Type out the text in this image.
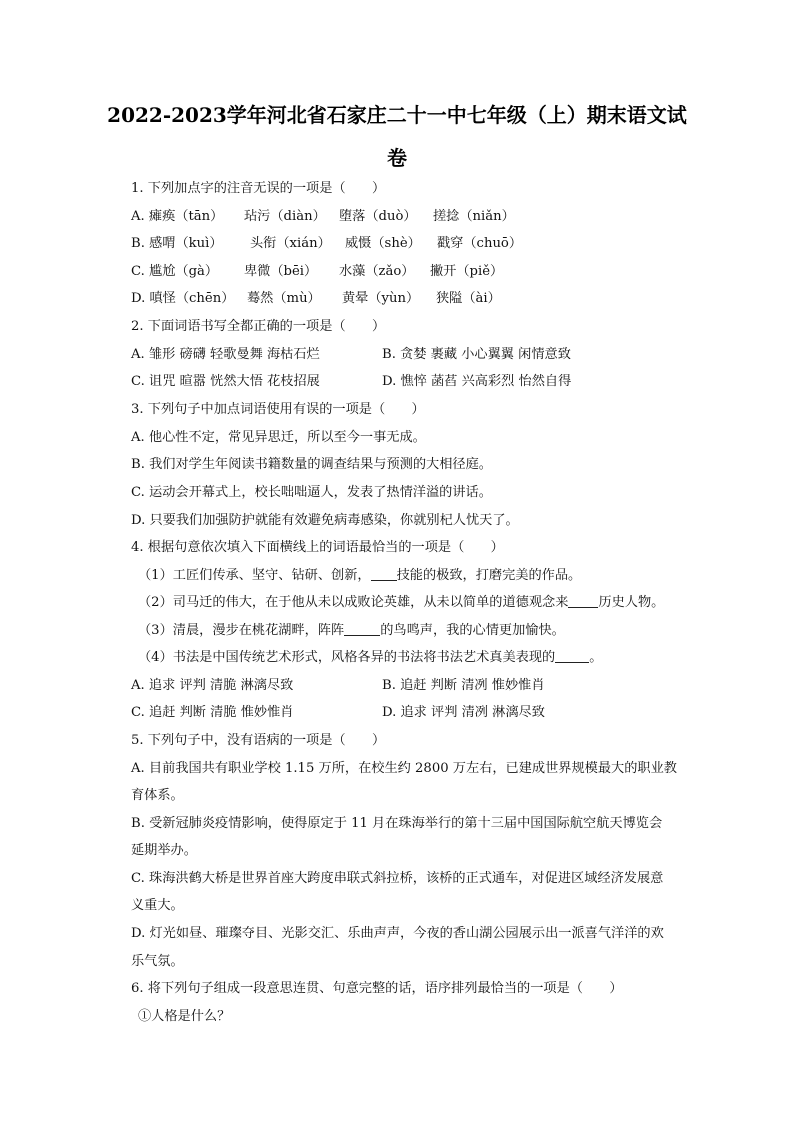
2022-2023学年河北省石家庄二十一中七年级（上）期末语文试
卷
1. 下列加点字的注音无误的一项是（　　）
A. 瘫痪（tān） 玷污（diàn） 堕落（duò） 搓捻（niǎn）
B. 感喟（kuì） 头衔（xián） 威慑（shè） 戳穿（chuō）
C. 尴尬（gà） 卑微（bēi） 水藻（zǎo） 撇开（piě）
D. 嗔怪（chēn） 蓦然（mù） 黄晕（yùn） 狭隘（ài）
2. 下面词语书写全都正确的一项是（　　）
A. 雏形 磅礴 轻歌曼舞 海枯石烂	B. 贪婪 裹藏 小心翼翼 闲情意致
C. 诅咒 暄嚣 恍然大悟 花枝招展	D. 憔悴 菡萏 兴高彩烈 怡然自得
3. 下列句子中加点词语使用有误的一项是（　　）
A. 他心性不定，常见异思迁，所以至今一事无成。
B. 我们对学生年阅读书籍数量的调查结果与预测的大相径庭。
C. 运动会开幕式上，校长咄咄逼人，发表了热情洋溢的讲话。
D. 只要我们加强防护就能有效避免病毒感染，你就别杞人忧天了。
4. 根据句意依次填入下面横线上的词语最恰当的一项是（　　）
（1）工匠们传承、坚守、钻研、创新， 技能的极致，打磨完美的作品。
（2）司马迁的伟大，在于他从未以成败论英雄，从未以简单的道德观念来 历史人物。
（3）清晨，漫步在桃花湖畔，阵阵	的鸟鸣声，我的心情更加愉快。
（4）书法是中国传统艺术形式，风格各异的书法将书法艺术真美表现的	。
A. 追求 评判 清脆 淋漓尽致	B. 追赶 判断 清冽 惟妙惟肖
C. 追赶 判断 清脆 惟妙惟肖	D. 追求 评判 清冽 淋漓尽致
5. 下列句子中，没有语病的一项是（　　）
A. 目前我国共有职业学校 1.15 万所，在校生约 2800 万左右，已建成世界规模最大的职业教
育体系。
B. 受新冠肺炎疫情影响，使得原定于 11 月在珠海举行的第十三届中国国际航空航天博览会
延期举办。
C. 珠海洪鹤大桥是世界首座大跨度串联式斜拉桥，该桥的正式通车，对促进区域经济发展意
义重大。
D. 灯光如昼、璀璨夺目、光影交汇、乐曲声声，今夜的香山湖公园展示出一派喜气洋洋的欢
乐气氛。
6. 将下列句子组成一段意思连贯、句意完整的话，语序排列最恰当的一项是（　　）
①人格是什么？
